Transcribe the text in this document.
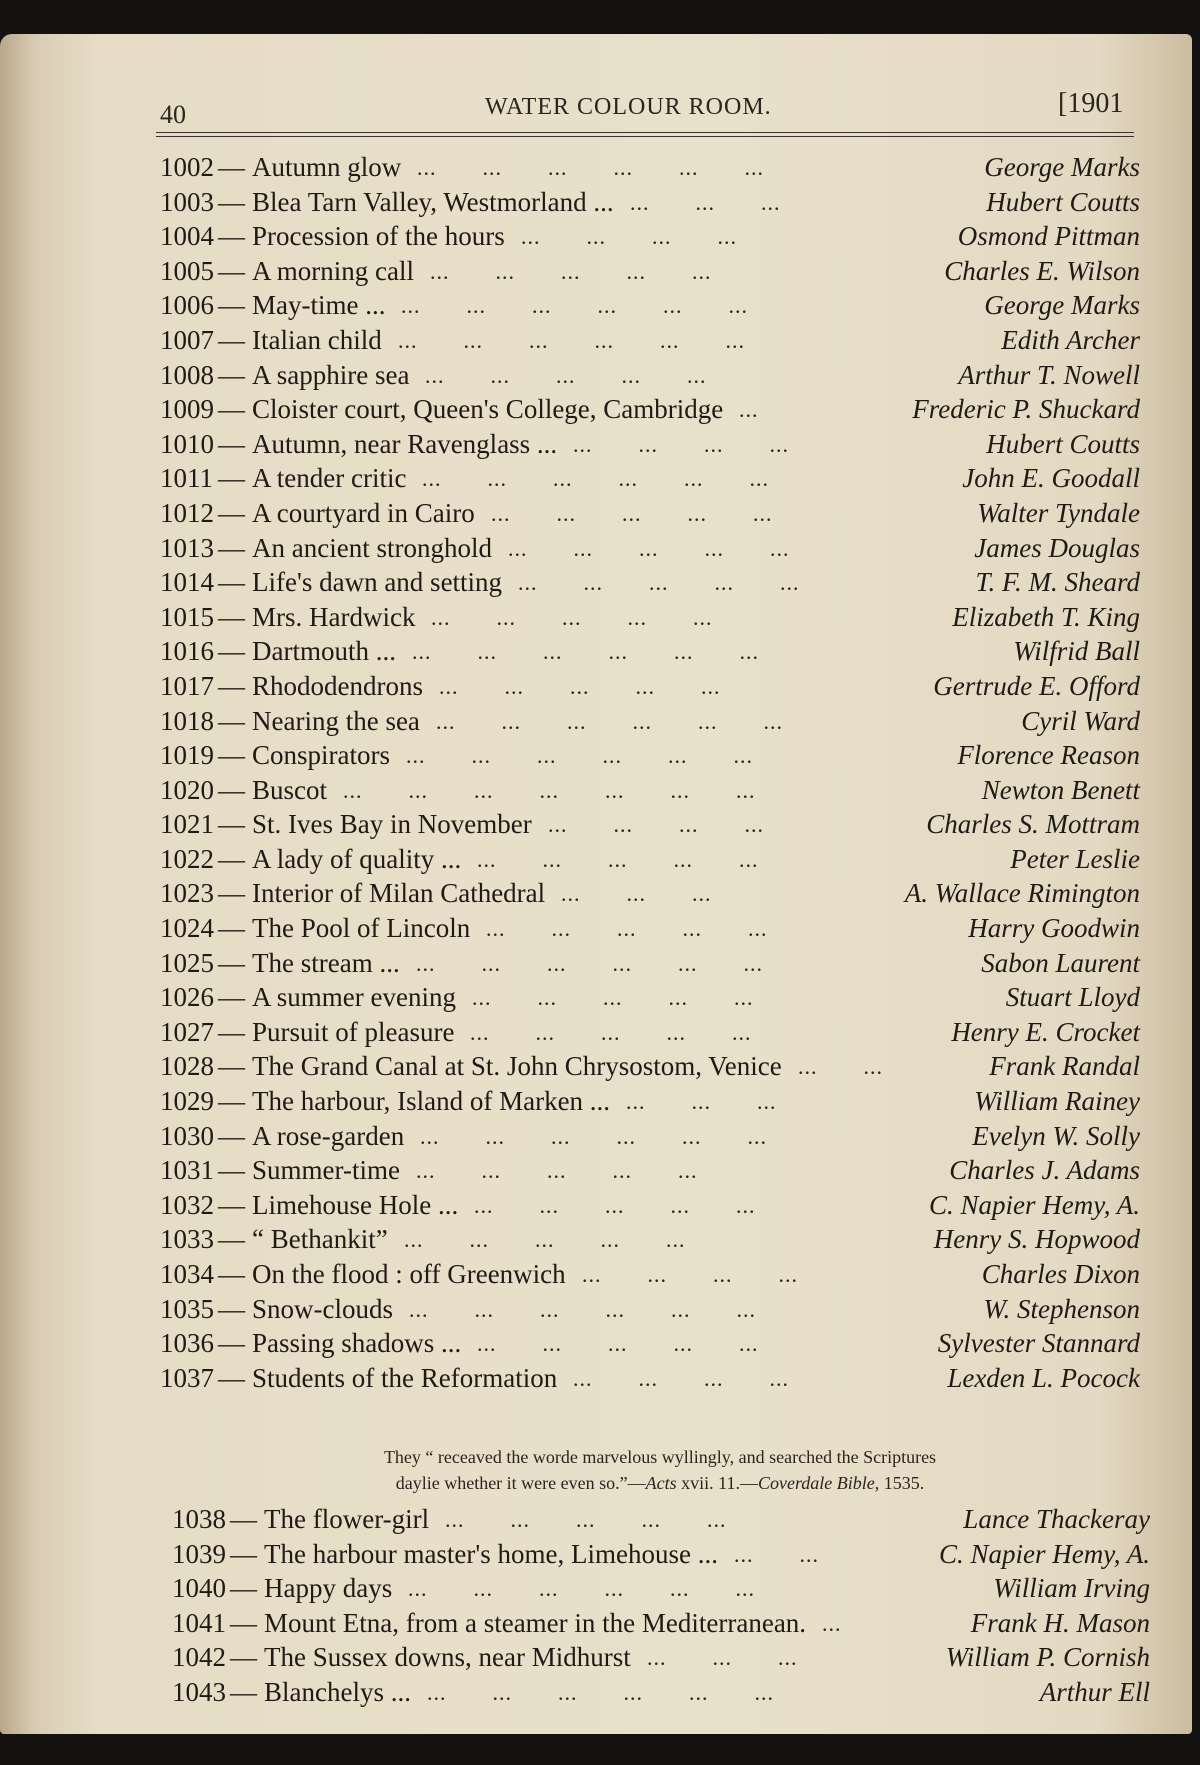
40	WATER COLOUR ROOM.	[1901
1002 — Autumn glow ...  ...  ...  ...  ...  ...  	George Marks
1003 — Blea Tarn Valley, Westmorland ... ...  ...  ...  	Hubert Coutts
1004 — Procession of the hours ...  ...  ...  ...  	Osmond Pittman
1005 — A morning call ...  ...  ...  ...  ...  	Charles E. Wilson
1006 — May-time ... ...  ...  ...  ...  ...  ...  	George Marks
1007 — Italian child ...  ...  ...  ...  ...  ...  	Edith Archer
1008 — A sapphire sea ...  ...  ...  ...  ...  	Arthur T. Nowell
1009 — Cloister court, Queen's College, Cambridge ...  	Frederic P. Shuckard
1010 — Autumn, near Ravenglass ... ...  ...  ...  ...  	Hubert Coutts
1011 — A tender critic ...  ...  ...  ...  ...  ...  	John E. Goodall
1012 — A courtyard in Cairo ...  ...  ...  ...  ...  	Walter Tyndale
1013 — An ancient stronghold ...  ...  ...  ...  ...  	James Douglas
1014 — Life's dawn and setting ...  ...  ...  ...  ...  	T. F. M. Sheard
1015 — Mrs. Hardwick ...  ...  ...  ...  ...  	Elizabeth T. King
1016 — Dartmouth ... ...  ...  ...  ...  ...  ...  	Wilfrid Ball
1017 — Rhododendrons ...  ...  ...  ...  ...  	Gertrude E. Offord
1018 — Nearing the sea ...  ...  ...  ...  ...  ...  	Cyril Ward
1019 — Conspirators ...  ...  ...  ...  ...  ...  	Florence Reason
1020 — Buscot ...  ...  ...  ...  ...  ...  ...  	Newton Benett
1021 — St. Ives Bay in November ...  ...  ...  ...  	Charles S. Mottram
1022 — A lady of quality ... ...  ...  ...  ...  ...  	Peter Leslie
1023 — Interior of Milan Cathedral ...  ...  ...  	A. Wallace Rimington
1024 — The Pool of Lincoln ...  ...  ...  ...  ...  	Harry Goodwin
1025 — The stream ... ...  ...  ...  ...  ...  ...  	Sabon Laurent
1026 — A summer evening ...  ...  ...  ...  ...  	Stuart Lloyd
1027 — Pursuit of pleasure ...  ...  ...  ...  ...  	Henry E. Crocket
1028 — The Grand Canal at St. John Chrysostom, Venice ...  ...  	Frank Randal
1029 — The harbour, Island of Marken ... ...  ...  ...  	William Rainey
1030 — A rose-garden ...  ...  ...  ...  ...  ...  	Evelyn W. Solly
1031 — Summer-time ...  ...  ...  ...  ...  	Charles J. Adams
1032 — Limehouse Hole ... ...  ...  ...  ...  ...  	C. Napier Hemy, A.
1033 — “ Bethankit” ...  ...  ...  ...  ...  	Henry S. Hopwood
1034 — On the flood : off Greenwich ...  ...  ...  ...  	Charles Dixon
1035 — Snow-clouds ...  ...  ...  ...  ...  ...  	W. Stephenson
1036 — Passing shadows ... ...  ...  ...  ...  ...  	Sylvester Stannard
1037 — Students of the Reformation ...  ...  ...  ...  	Lexden L. Pocock
They “ receaved the worde marvelous wyllingly, and searched the Scriptures
daylie whether it were even so.”—Acts xvii. 11.—Coverdale Bible, 1535.
1038 — The flower-girl ...  ...  ...  ...  ...  	Lance Thackeray
1039 — The harbour master's home, Limehouse ... ...  ...  	C. Napier Hemy, A.
1040 — Happy days ...  ...  ...  ...  ...  ...  	William Irving
1041 — Mount Etna, from a steamer in the Mediterranean. ...  	Frank H. Mason
1042 — The Sussex downs, near Midhurst ...  ...  ...  	William P. Cornish
1043 — Blanchelys ... ...  ...  ...  ...  ...  ...  	Arthur Ell
